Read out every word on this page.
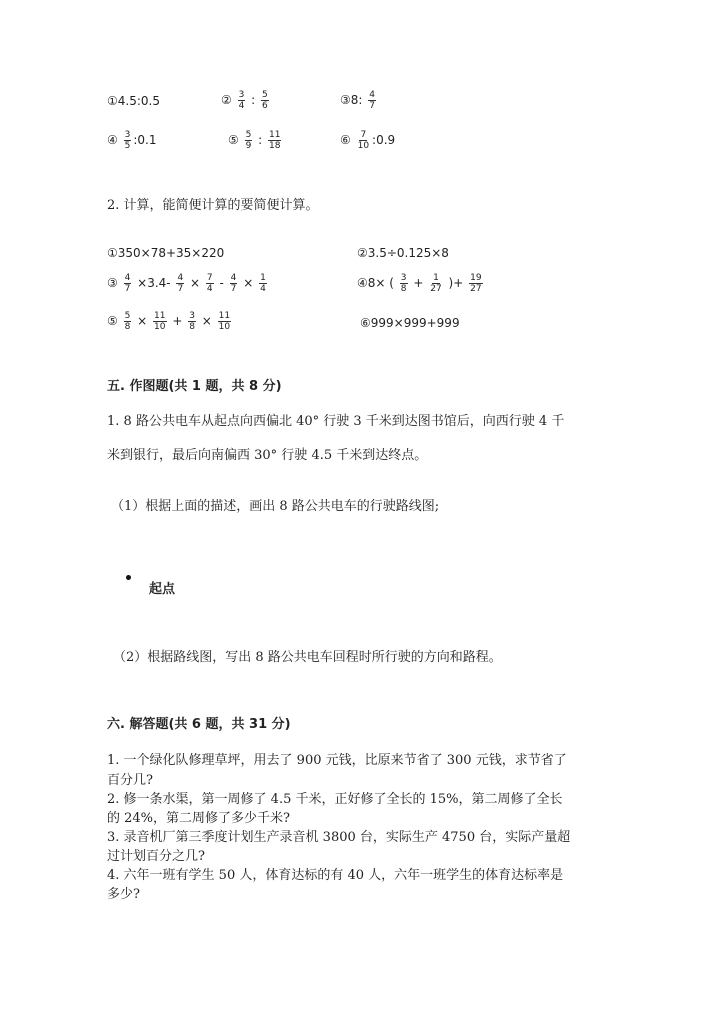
①4.5:0.5	② $\frac{3}{4}$ : $\frac{5}{6}$	③8: $\frac{4}{7}$
④ $\frac{3}{5}$ :0.1	⑤ $\frac{5}{9}$ : $\frac{11}{18}$	⑥ $\frac{7}{10}$ :0.9
2. 计算，能简便计算的要简便计算。
①350×78+35×220	②3.5÷0.125×8
③ $\frac{4}{7} \times 3.4- \frac{4}{7} \times \frac{7}{4} - \frac{4}{7} \times \frac{1}{4}$	④8× ( $\frac{3}{8} + \frac{1}{27}$ )+ $\frac{19}{27}$
⑤ $\frac{5}{8} \times \frac{11}{10} + \frac{3}{8} \times \frac{11}{10}$	⑥999×999+999
五. 作图题(共 1 题，共 8 分)
1. 8 路公共电车从起点向西偏北 40° 行驶 3 千米到达图书馆后，向西行驶 4 千
米到银行，最后向南偏西 30° 行驶 4.5 千米到达终点。
（1）根据上面的描述，画出 8 路公共电车的行驶路线图;
起点
（2）根据路线图，写出 8 路公共电车回程时所行驶的方向和路程。
六. 解答题(共 6 题，共 31 分)
1. 一个绿化队修理草坪，用去了 900 元钱，比原来节省了 300 元钱，求节省了
百分几?
2. 修一条水渠，第一周修了 4.5 千米，正好修了全长的 15%，第二周修了全长
的 24%，第二周修了多少千米?
3. 录音机厂第三季度计划生产录音机 3800 台，实际生产 4750 台，实际产量超
过计划百分之几?
4. 六年一班有学生 50 人，体育达标的有 40 人，六年一班学生的体育达标率是
多少?
